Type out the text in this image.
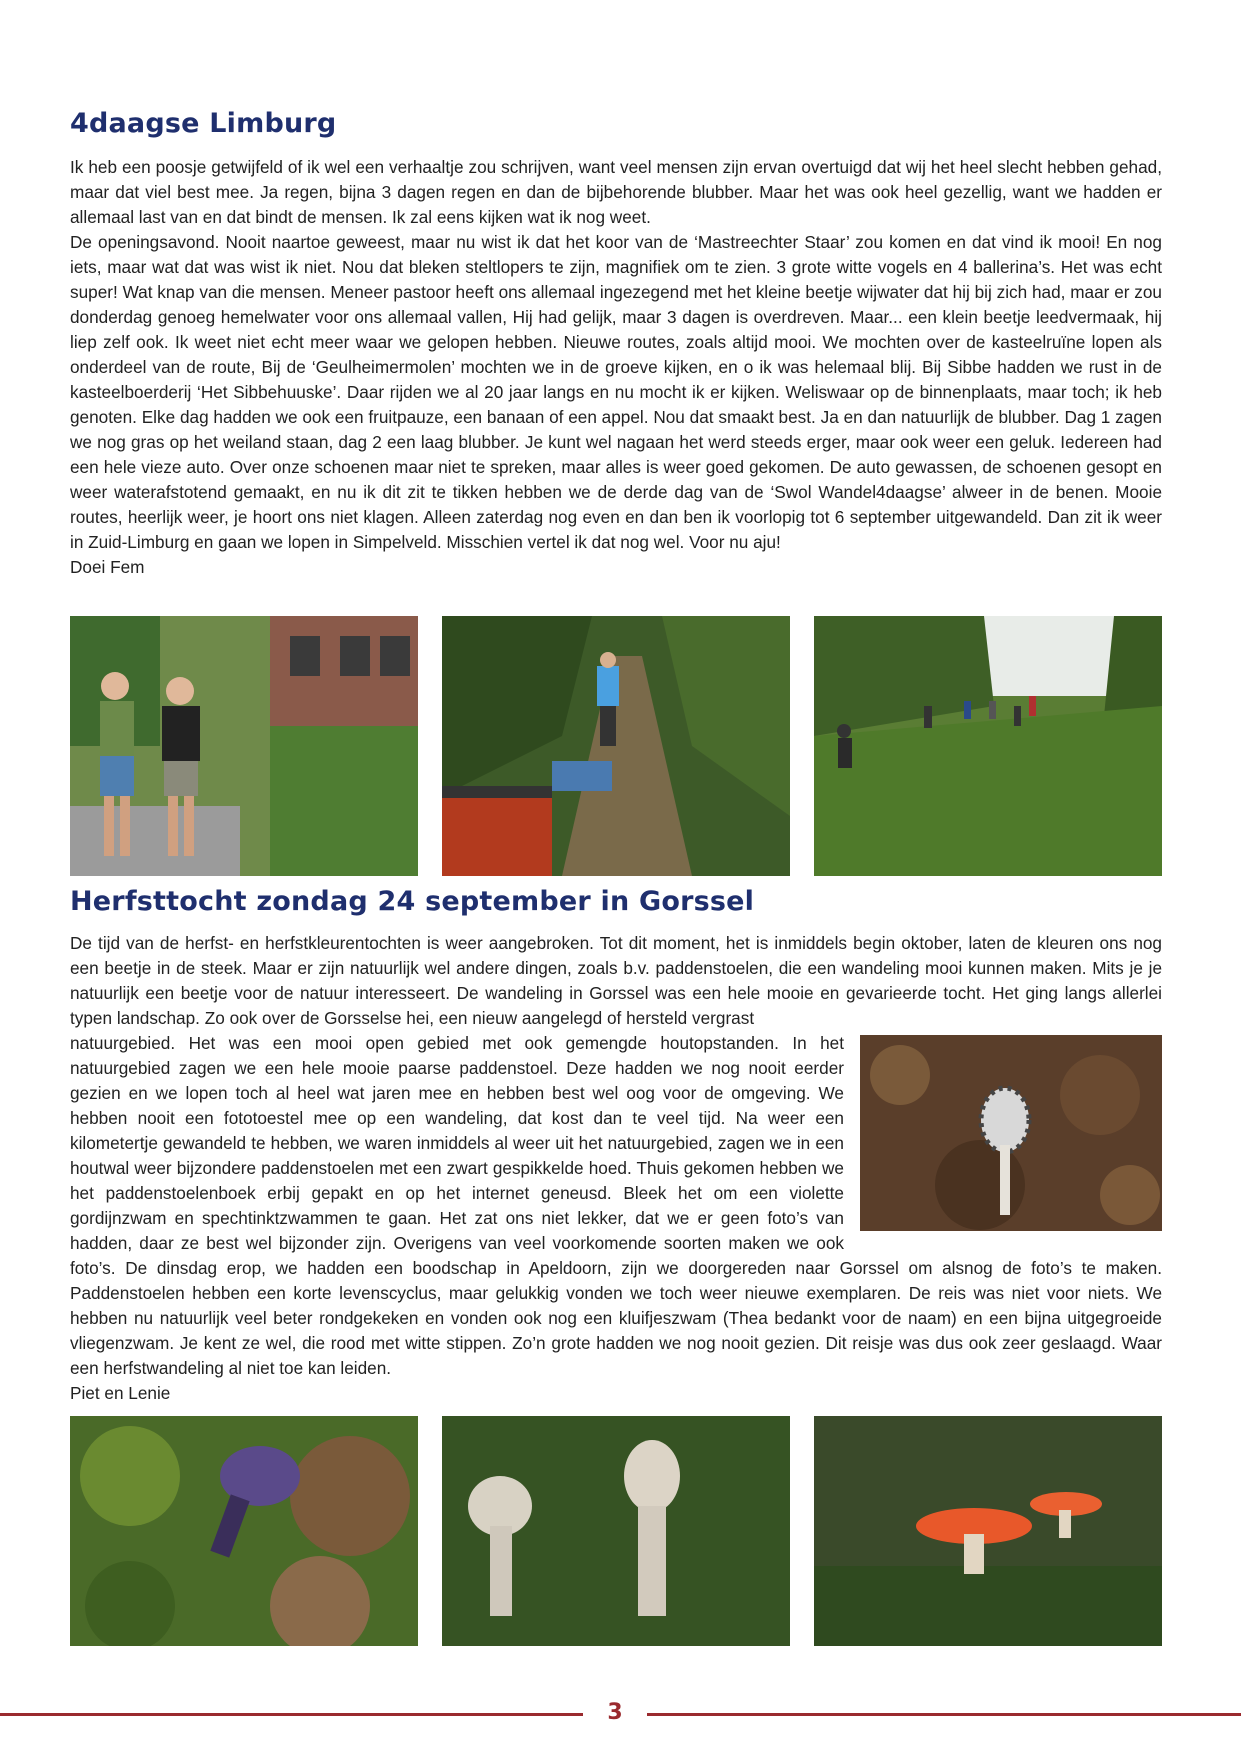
4daagse Limburg

Ik heb een poosje getwijfeld of ik wel een verhaaltje zou schrijven, want veel mensen zijn ervan overtuigd dat wij het heel slecht hebben gehad, maar dat viel best mee. Ja regen, bijna 3 dagen regen en dan de bijbehorende blubber. Maar het was ook heel gezellig, want we hadden er allemaal last van en dat bindt de mensen. Ik zal eens kijken wat ik nog weet.

De openingsavond. Nooit naartoe geweest, maar nu wist ik dat het koor van de ‘Mastreechter Staar’ zou komen en dat vind ik mooi! En nog iets, maar wat dat was wist ik niet. Nou dat bleken steltlopers te zijn, magnifiek om te zien. 3 grote witte vogels en 4 ballerina’s. Het was echt super! Wat knap van die mensen. Meneer pastoor heeft ons allemaal ingezegend met het kleine beetje wijwater dat hij bij zich had, maar er zou donderdag genoeg hemelwater voor ons allemaal vallen, Hij had gelijk, maar 3 dagen is overdreven. Maar... een klein beetje leedvermaak, hij liep zelf ook. Ik weet niet echt meer waar we gelopen hebben. Nieuwe routes, zoals altijd mooi. We mochten over de kasteelruïne lopen als onderdeel van de route, Bij de ‘Geulheimermolen’ mochten we in de groeve kijken, en o ik was helemaal blij. Bij Sibbe hadden we rust in de kasteelboerderij ‘Het Sibbehuuske’. Daar rijden we al 20 jaar langs en nu mocht ik er kijken. Weliswaar op de binnenplaats, maar toch; ik heb genoten. Elke dag hadden we ook een fruitpauze, een banaan of een appel. Nou dat smaakt best. Ja en dan natuurlijk de blubber. Dag 1 zagen we nog gras op het weiland staan, dag 2 een laag blubber. Je kunt wel nagaan het werd steeds erger, maar ook weer een geluk. Iedereen had een hele vieze auto. Over onze schoenen maar niet te spreken, maar alles is weer goed gekomen. De auto gewassen, de schoenen gesopt en weer waterafstotend gemaakt, en nu ik dit zit te tikken hebben we de derde dag van de ‘Swol Wandel4daagse’ alweer in de benen. Mooie routes, heerlijk weer, je hoort ons niet klagen. Alleen zaterdag nog even en dan ben ik voorlopig tot 6 september uitgewandeld. Dan zit ik weer in Zuid-Limburg en gaan we lopen in Simpelveld. Misschien vertel ik dat nog wel. Voor nu aju!

Doei Fem

Herfsttocht zondag 24 september in Gorssel

De tijd van de herfst- en herfstkleurentochten is weer aangebroken. Tot dit moment, het is inmiddels begin oktober, laten de kleuren ons nog een beetje in de steek. Maar er zijn natuurlijk wel andere dingen, zoals b.v. paddenstoelen, die een wandeling mooi kunnen maken. Mits je je natuurlijk een beetje voor de natuur interesseert. De wandeling in Gorssel was een hele mooie en gevarieerde tocht. Het ging langs allerlei typen landschap. Zo ook over de Gorsselse hei, een nieuw aangelegd of hersteld vergrast

natuurgebied. Het was een mooi open gebied met ook gemengde houtopstanden. In het natuurgebied zagen we een hele mooie paarse paddenstoel. Deze hadden we nog nooit eerder gezien en we lopen toch al heel wat jaren mee en hebben best wel oog voor de omgeving. We hebben nooit een fototoestel mee op een wandeling, dat kost dan te veel tijd. Na weer een kilometertje gewandeld te hebben, we waren inmiddels al weer uit het natuurgebied, zagen we in een houtwal weer bijzondere paddenstoelen met een zwart gespikkelde hoed. Thuis gekomen hebben we het paddenstoelenboek erbij gepakt en op het internet geneusd. Bleek het om een violette gordijnzwam en spechtinktzwammen te gaan. Het zat ons niet lekker, dat we er geen foto’s van hadden, daar ze best wel bijzonder zijn. Overigens van veel voorkomende soorten maken we ook foto’s. De dinsdag erop, we hadden een boodschap in Apeldoorn, zijn we doorgereden naar Gorssel om alsnog de foto’s te maken. Paddenstoelen hebben een korte levenscyclus, maar gelukkig vonden we toch weer nieuwe exemplaren. De reis was niet voor niets. We hebben nu natuurlijk veel beter rondgekeken en vonden ook nog een kluifjeszwam (Thea bedankt voor de naam) en een bijna uitgegroeide vliegenzwam. Je kent ze wel, die rood met witte stippen. Zo’n grote hadden we nog nooit gezien. Dit reisje was dus ook zeer geslaagd. Waar een herfstwandeling al niet toe kan leiden.

Piet en Lenie

3
